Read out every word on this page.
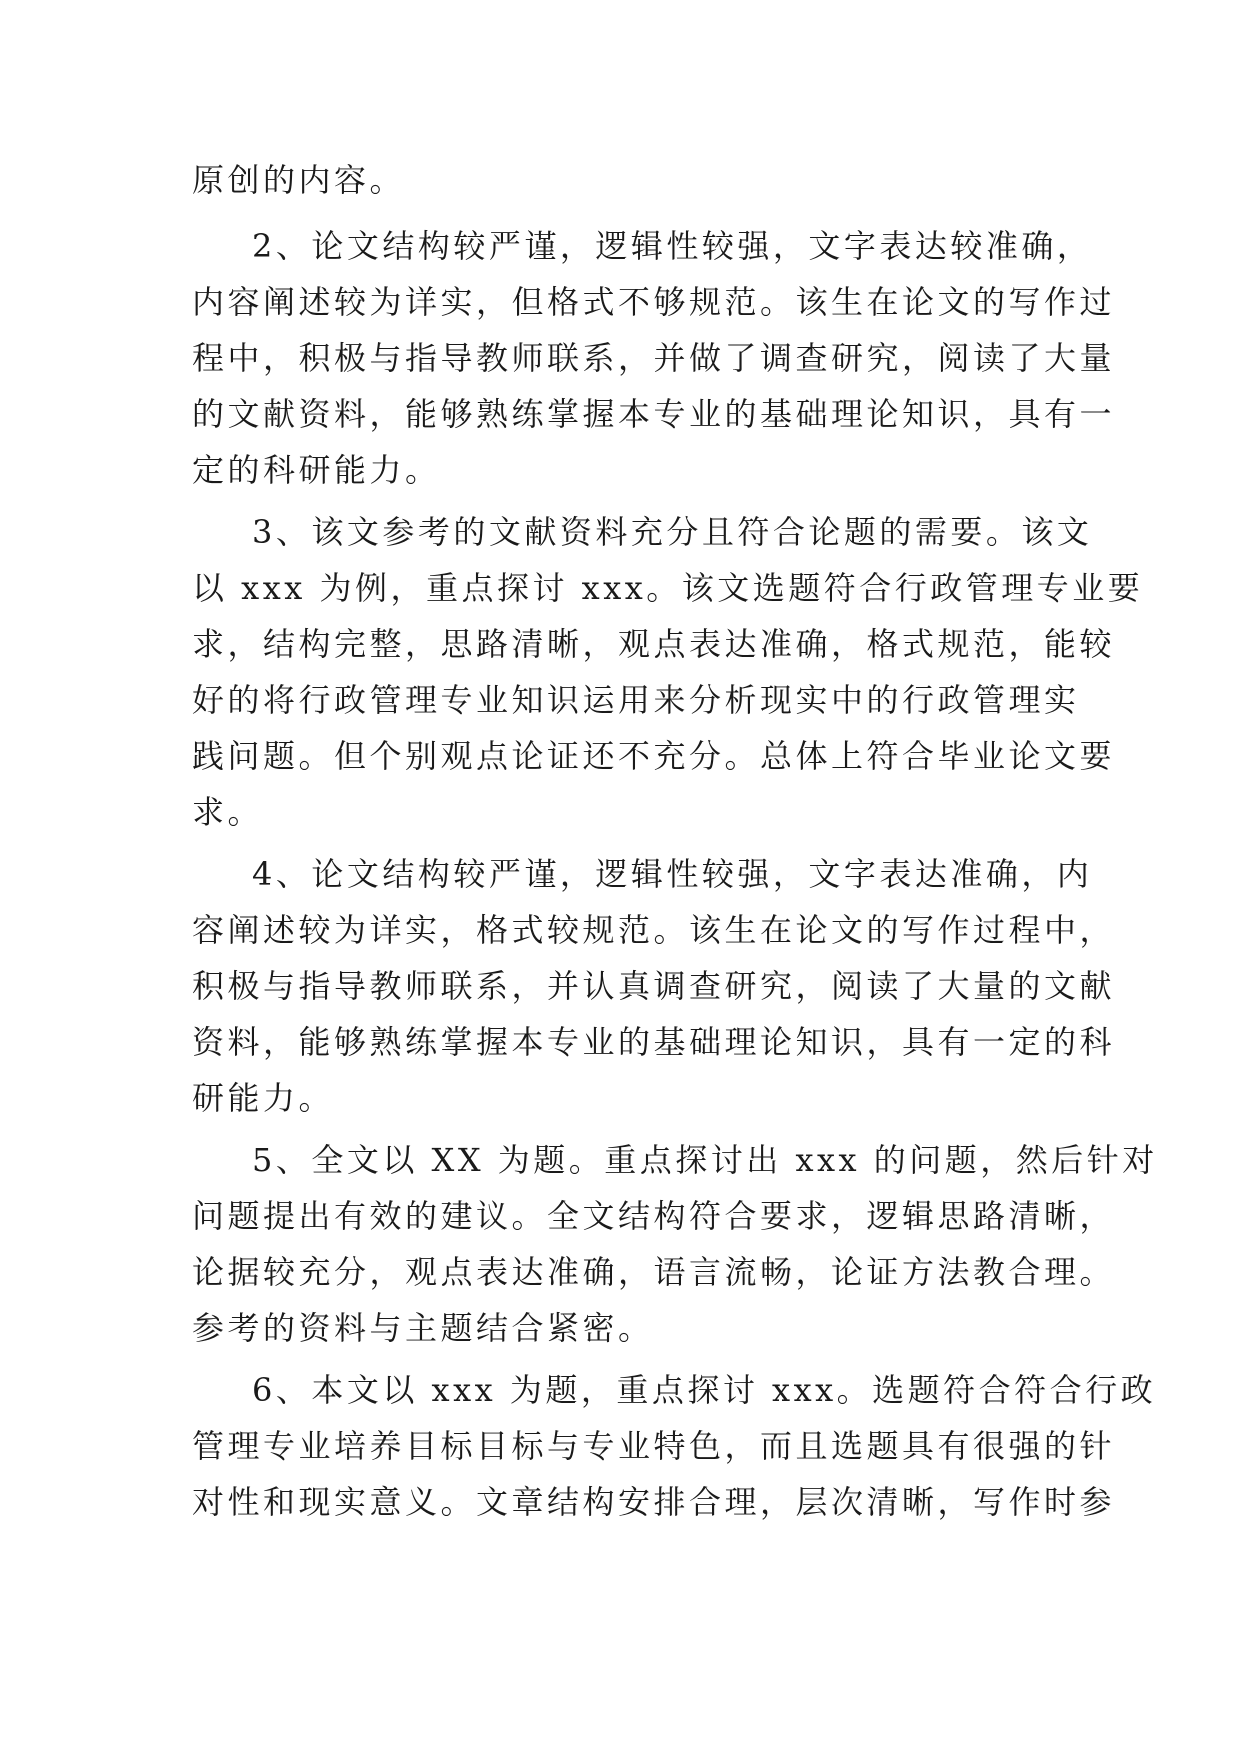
原创的内容。

2、论文结构较严谨，逻辑性较强，文字表达较准确，

内容阐述较为详实，但格式不够规范。该生在论文的写作过

程中，积极与指导教师联系，并做了调查研究，阅读了大量

的文献资料，能够熟练掌握本专业的基础理论知识，具有一

定的科研能力。

3、该文参考的文献资料充分且符合论题的需要。该文

以 xxx 为例，重点探讨 xxx。该文选题符合行政管理专业要

求，结构完整，思路清晰，观点表达准确，格式规范，能较

好的将行政管理专业知识运用来分析现实中的行政管理实

践问题。但个别观点论证还不充分。总体上符合毕业论文要

求。

4、论文结构较严谨，逻辑性较强，文字表达准确，内

容阐述较为详实，格式较规范。该生在论文的写作过程中，

积极与指导教师联系，并认真调查研究，阅读了大量的文献

资料，能够熟练掌握本专业的基础理论知识，具有一定的科

研能力。

5、全文以 XX 为题。重点探讨出 xxx 的问题，然后针对

问题提出有效的建议。全文结构符合要求，逻辑思路清晰，

论据较充分，观点表达准确，语言流畅，论证方法教合理。

参考的资料与主题结合紧密。

6、本文以 xxx 为题，重点探讨 xxx。选题符合符合行政

管理专业培养目标目标与专业特色，而且选题具有很强的针

对性和现实意义。文章结构安排合理，层次清晰，写作时参
